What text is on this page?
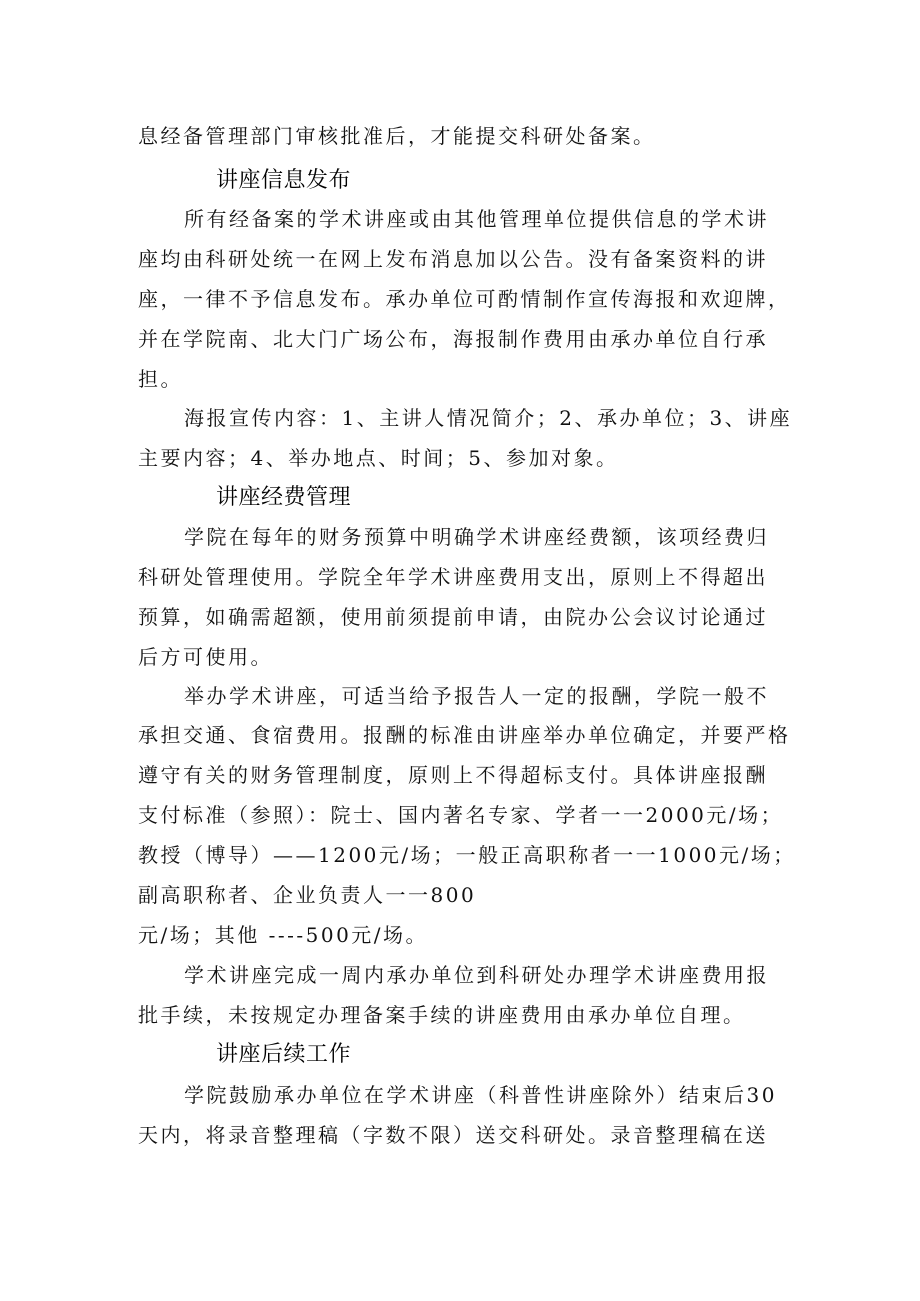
息经备管理部门审核批准后，才能提交科研处备案。
讲座信息发布
所有经备案的学术讲座或由其他管理单位提供信息的学术讲
座均由科研处统一在网上发布消息加以公告。没有备案资料的讲
座，一律不予信息发布。承办单位可酌情制作宣传海报和欢迎牌，
并在学院南、北大门广场公布，海报制作费用由承办单位自行承
担。
海报宣传内容：1、主讲人情况简介；2、承办单位；3、讲座
主要内容；4、举办地点、时间；5、参加对象。
讲座经费管理
学院在每年的财务预算中明确学术讲座经费额，该项经费归
科研处管理使用。学院全年学术讲座费用支出，原则上不得超出
预算，如确需超额，使用前须提前申请，由院办公会议讨论通过
后方可使用。
举办学术讲座，可适当给予报告人一定的报酬，学院一般不
承担交通、食宿费用。报酬的标准由讲座举办单位确定，并要严格
遵守有关的财务管理制度，原则上不得超标支付。具体讲座报酬
支付标准（参照）：院士、国内著名专家、学者一一2000元/场；
教授（博导）——1200元/场；一般正高职称者一一1000元/场；
副高职称者、企业负责人一一800
元/场；其他 ----500元/场。
学术讲座完成一周内承办单位到科研处办理学术讲座费用报
批手续，未按规定办理备案手续的讲座费用由承办单位自理。
讲座后续工作
学院鼓励承办单位在学术讲座（科普性讲座除外）结束后30
天内，将录音整理稿（字数不限）送交科研处。录音整理稿在送
